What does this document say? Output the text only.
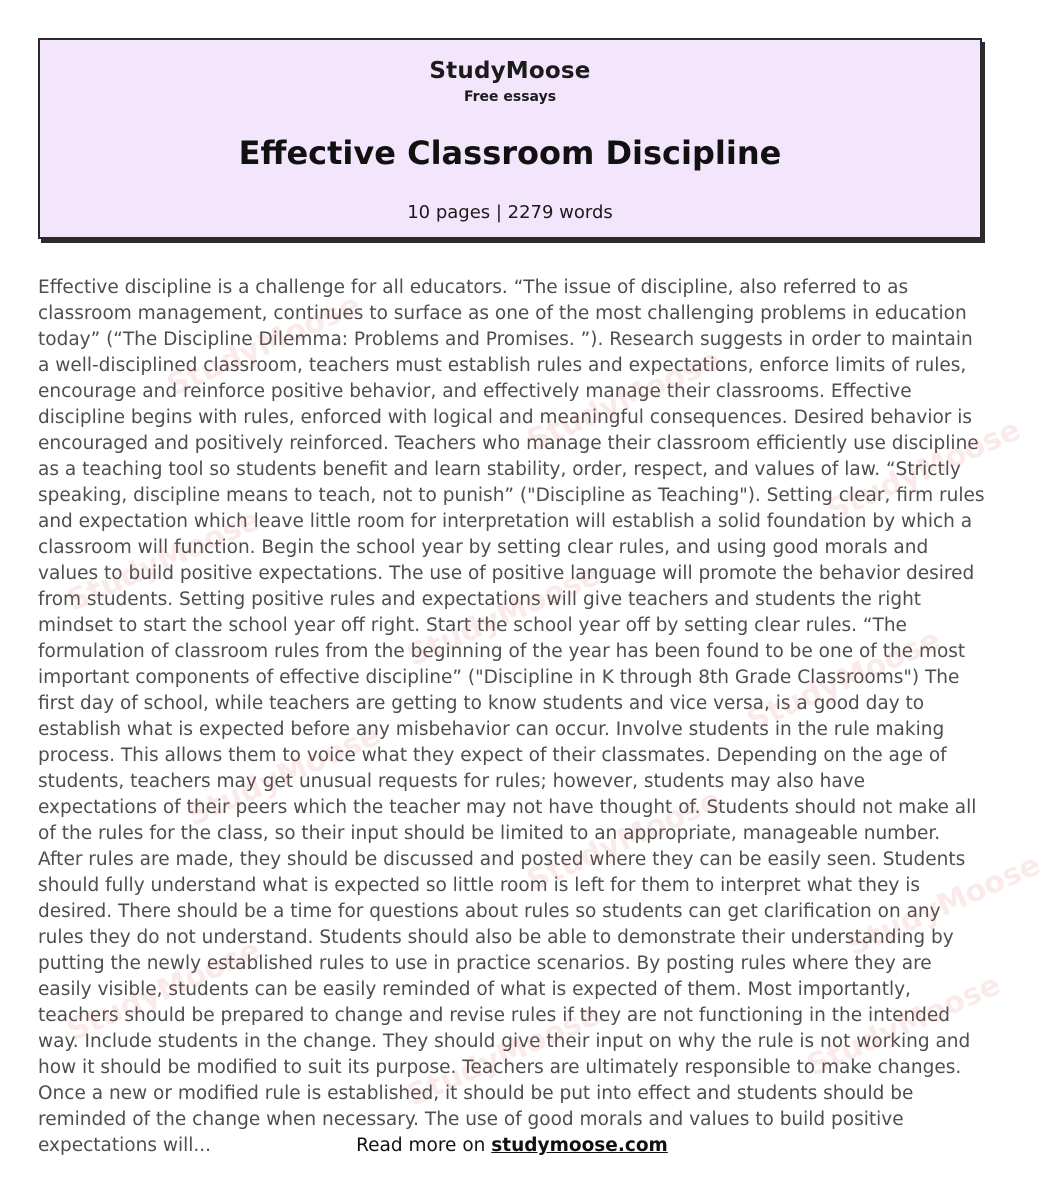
StudyMoose
Free essays
Effective Classroom Discipline
10 pages | 2279 words

Effective discipline is a challenge for all educators. “The issue of discipline, also referred to as classroom management, continues to surface as one of the most challenging problems in education today” (“The Discipline Dilemma: Problems and Promises. ”). Research suggests in order to maintain a well-disciplined classroom, teachers must establish rules and expectations, enforce limits of rules, encourage and reinforce positive behavior, and effectively manage their classrooms. Effective discipline begins with rules, enforced with logical and meaningful consequences. Desired behavior is encouraged and positively reinforced. Teachers who manage their classroom efficiently use discipline as a teaching tool so students benefit and learn stability, order, respect, and values of law. “Strictly speaking, discipline means to teach, not to punish” ("Discipline as Teaching"). Setting clear, firm rules and expectation which leave little room for interpretation will establish a solid foundation by which a classroom will function. Begin the school year by setting clear rules, and using good morals and values to build positive expectations. The use of positive language will promote the behavior desired from students. Setting positive rules and expectations will give teachers and students the right mindset to start the school year off right. Start the school year off by setting clear rules. “The formulation of classroom rules from the beginning of the year has been found to be one of the most important components of effective discipline” ("Discipline in K through 8th Grade Classrooms") The first day of school, while teachers are getting to know students and vice versa, is a good day to establish what is expected before any misbehavior can occur. Involve students in the rule making process. This allows them to voice what they expect of their classmates. Depending on the age of students, teachers may get unusual requests for rules; however, students may also have expectations of their peers which the teacher may not have thought of. Students should not make all of the rules for the class, so their input should be limited to an appropriate, manageable number. After rules are made, they should be discussed and posted where they can be easily seen. Students should fully understand what is expected so little room is left for them to interpret what they is desired. There should be a time for questions about rules so students can get clarification on any rules they do not understand. Students should also be able to demonstrate their understanding by putting the newly established rules to use in practice scenarios. By posting rules where they are easily visible, students can be easily reminded of what is expected of them. Most importantly, teachers should be prepared to change and revise rules if they are not functioning in the intended way. Include students in the change. They should give their input on why the rule is not working and how it should be modified to suit its purpose. Teachers are ultimately responsible to make changes. Once a new or modified rule is established, it should be put into effect and students should be reminded of the change when necessary. The use of good morals and values to build positive expectations will...

StudyMoose	StudyMoose
StudyMoose
StudyMoose	StudyMoose
StudyMoose
StudyMoose
StudyMoose
StudyMoose
StudyMoose
StudyMoose	StudyMoose
Read more on studymoose.com
